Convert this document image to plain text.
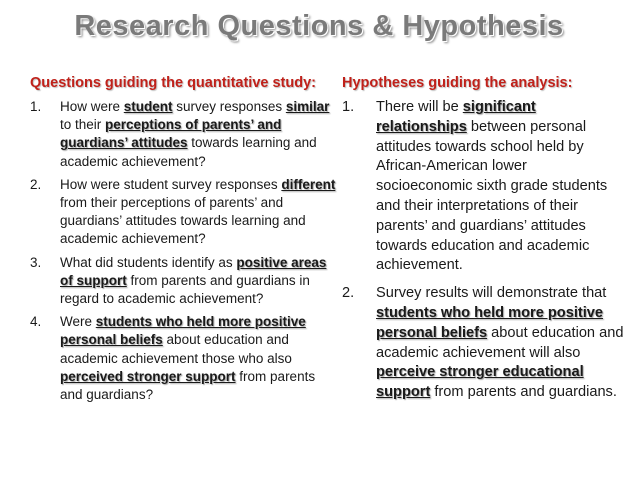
Research Questions & Hypothesis
Questions guiding the quantitative study:
1. How were student survey responses similar to their perceptions of parents’ and guardians’ attitudes towards learning and academic achievement?
2. How were student survey responses different from their perceptions of parents’ and guardians’ attitudes towards learning and academic achievement?
3. What did students identify as positive areas of support from parents and guardians in regard to academic achievement?
4. Were students who held more positive personal beliefs about education and academic achievement those who also perceived stronger support from parents and guardians?
Hypotheses guiding the analysis:
1. There will be significant relationships between personal attitudes towards school held by African-American lower socioeconomic sixth grade students and their interpretations of their parents’ and guardians’ attitudes towards education and academic achievement.
2. Survey results will demonstrate that students who held more positive personal beliefs about education and academic achievement will also perceive stronger educational support from parents and guardians.
